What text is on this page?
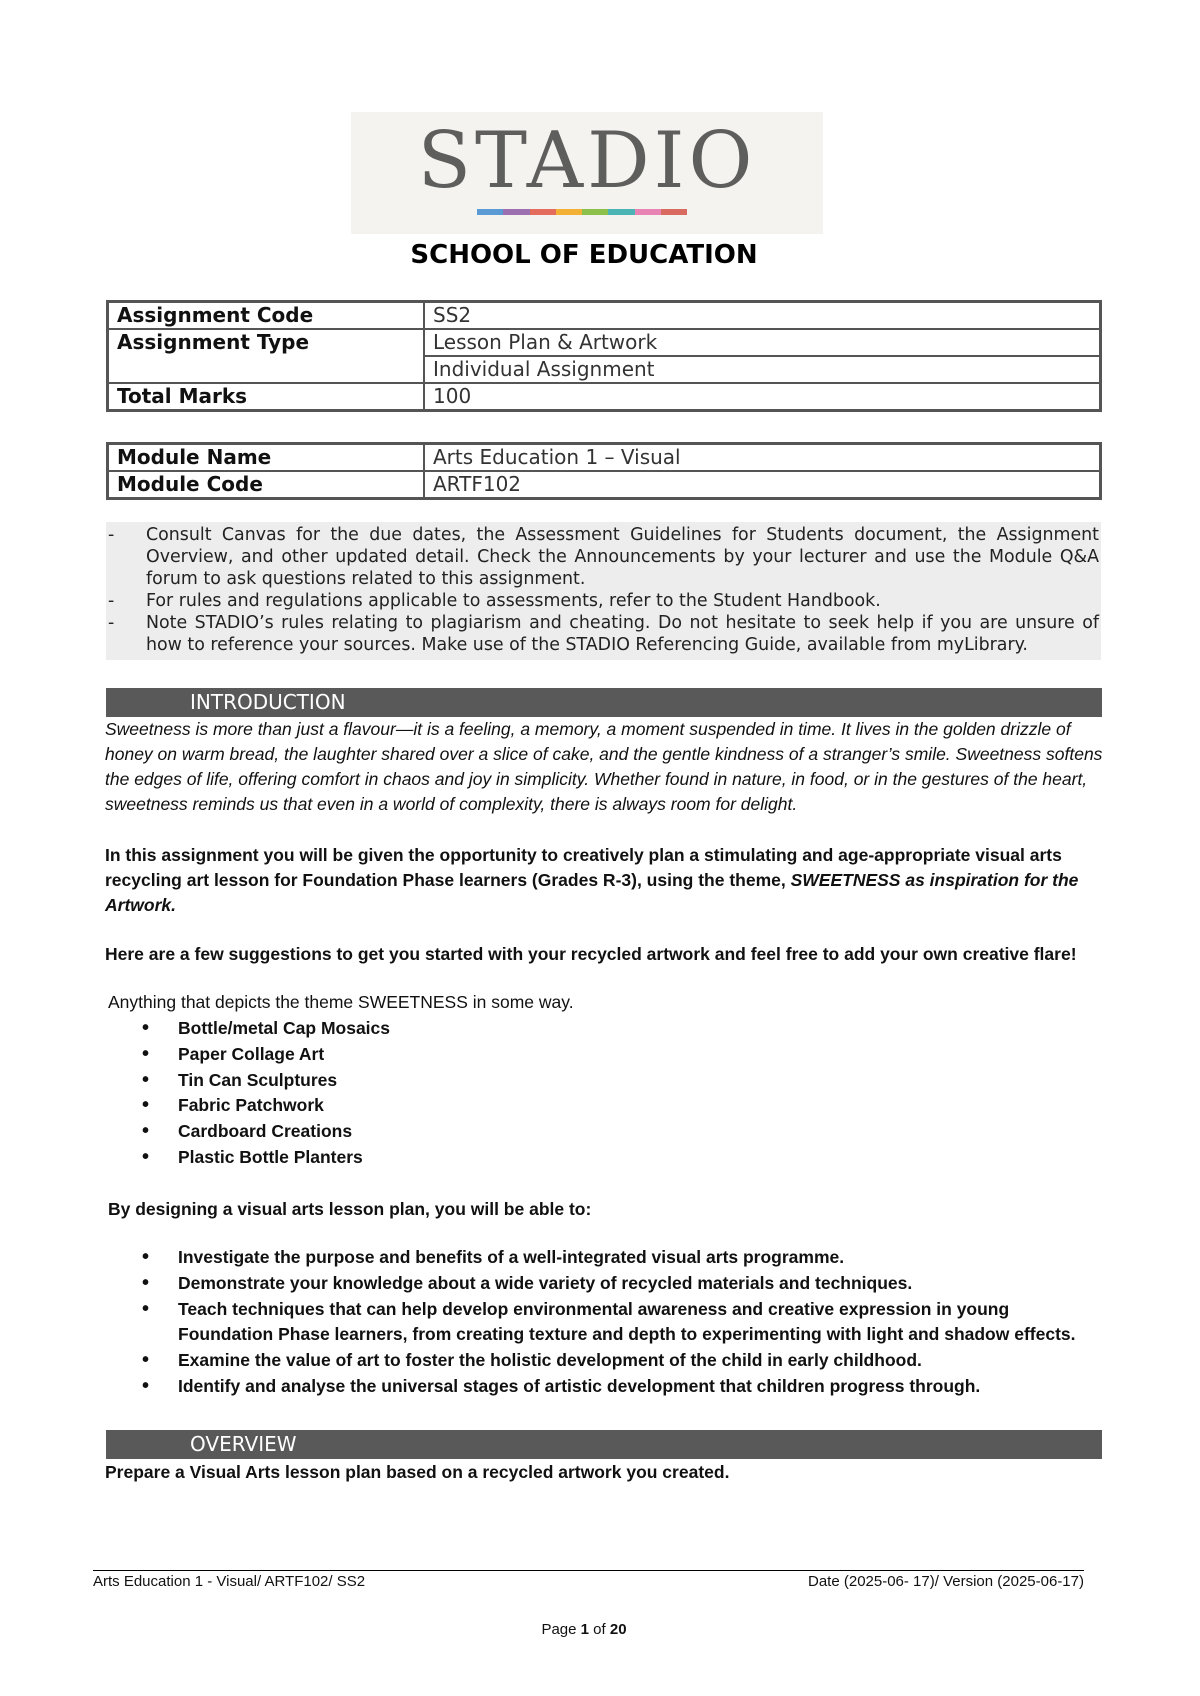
STADIO
SCHOOL OF EDUCATION
Assignment Code	SS2
Assignment Type	Lesson Plan & Artwork
	Individual Assignment
Total Marks	100
Module Name	Arts Education 1 – Visual
Module Code	ARTF102
-	Consult Canvas for the due dates, the Assessment Guidelines for Students document, the Assignment Overview, and other updated detail. Check the Announcements by your lecturer and use the Module Q&A forum to ask questions related to this assignment.
-	For rules and regulations applicable to assessments, refer to the Student Handbook.
-	Note STADIO’s rules relating to plagiarism and cheating. Do not hesitate to seek help if you are unsure of how to reference your sources. Make use of the STADIO Referencing Guide, available from myLibrary.
INTRODUCTION

Sweetness is more than just a flavour—it is a feeling, a memory, a moment suspended in time. It lives in the golden drizzle of honey on warm bread, the laughter shared over a slice of cake, and the gentle kindness of a stranger’s smile. Sweetness softens the edges of life, offering comfort in chaos and joy in simplicity. Whether found in nature, in food, or in the gestures of the heart, sweetness reminds us that even in a world of complexity, there is always room for delight.

In this assignment you will be given the opportunity to creatively plan a stimulating and age-appropriate visual arts recycling art lesson for Foundation Phase learners (Grades R-3), using the theme, SWEETNESS as inspiration for the Artwork.

Here are a few suggestions to get you started with your recycled artwork and feel free to add your own creative flare!

Anything that depicts the theme SWEETNESS in some way.

• Bottle/metal Cap Mosaics
• Paper Collage Art
• Tin Can Sculptures
• Fabric Patchwork
• Cardboard Creations
• Plastic Bottle Planters

By designing a visual arts lesson plan, you will be able to:

• Investigate the purpose and benefits of a well-integrated visual arts programme.
• Demonstrate your knowledge about a wide variety of recycled materials and techniques.
• Teach techniques that can help develop environmental awareness and creative expression in young Foundation Phase learners, from creating texture and depth to experimenting with light and shadow effects.
• Examine the value of art to foster the holistic development of the child in early childhood.
• Identify and analyse the universal stages of artistic development that children progress through.
OVERVIEW

Prepare a Visual Arts lesson plan based on a recycled artwork you created.

Arts Education 1 - Visual/ ARTF102/ SS2	Date (2025-06- 17)/ Version (2025-06-17)
Page 1 of 20
